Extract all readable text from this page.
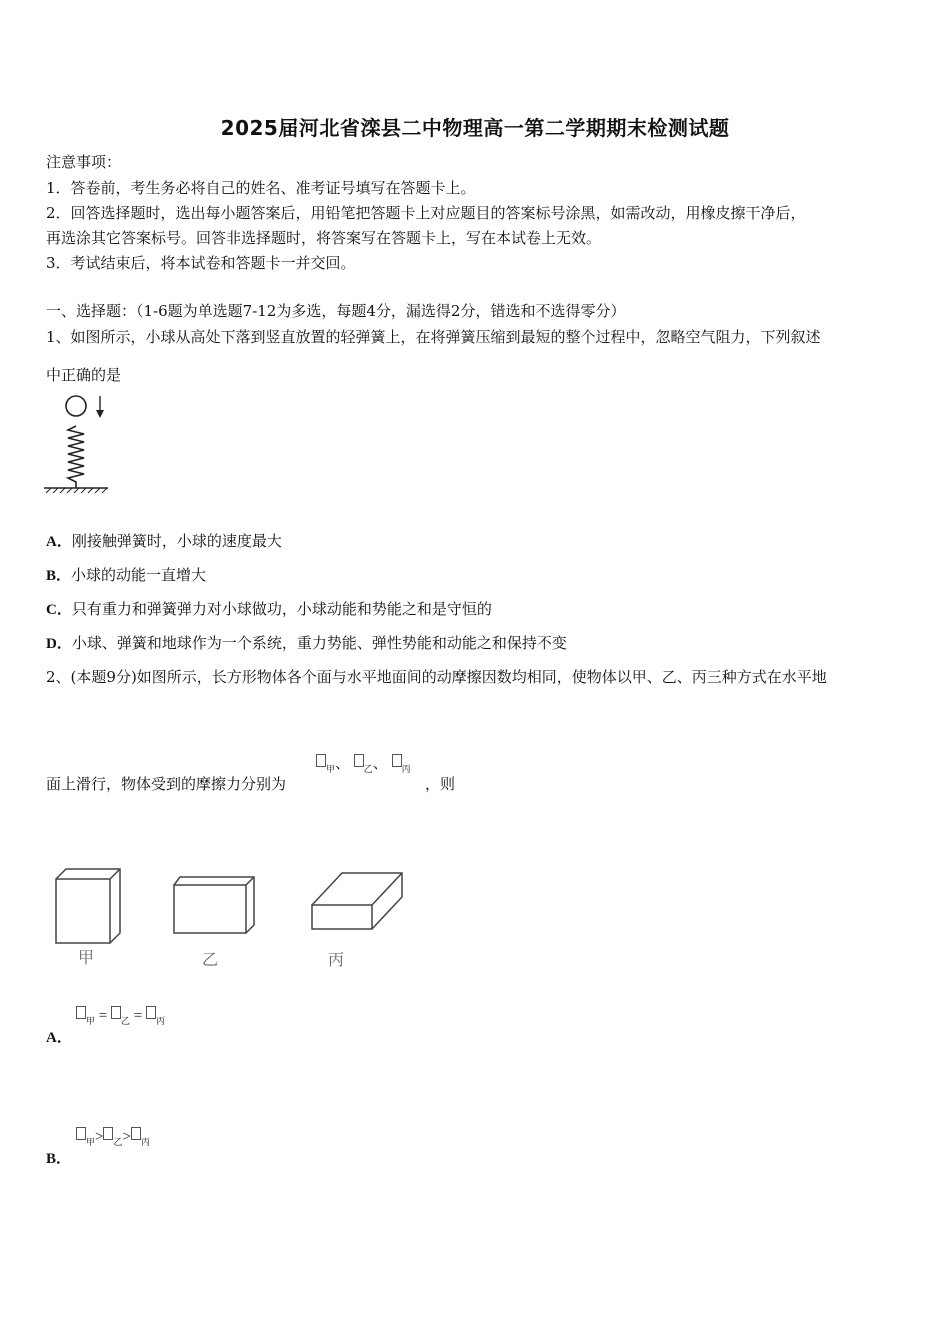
2025届河北省滦县二中物理高一第二学期期末检测试题
注意事项：
1．答卷前，考生务必将自己的姓名、准考证号填写在答题卡上。
2．回答选择题时，选出每小题答案后，用铅笔把答题卡上对应题目的答案标号涂黑，如需改动，用橡皮擦干净后，
再选涂其它答案标号。回答非选择题时，将答案写在答题卡上，写在本试卷上无效。
3．考试结束后，将本试卷和答题卡一并交回。
一、选择题：（1-6题为单选题7-12为多选，每题4分，漏选得2分，错选和不选得零分）
1、如图所示，小球从高处下落到竖直放置的轻弹簧上，在将弹簧压缩到最短的整个过程中，忽略空气阻力，下列叙述
中正确的是
A．刚接触弹簧时，小球的速度最大
B．小球的动能一直增大
C．只有重力和弹簧弹力对小球做功，小球动能和势能之和是守恒的
D．小球、弹簧和地球作为一个系统，重力势能、弹性势能和动能之和保持不变
2、(本题9分)如图所示，长方形物体各个面与水平地面间的动摩擦因数均相同，使物体以甲、乙、丙三种方式在水平地
$_甲$、 $_乙$、 $_丙$
面上滑行，物体受到的摩擦力分别为	，则
甲	乙	丙
$_甲$ = $_乙$ = $_丙$
A．
$_甲$> $_乙$> $_丙$
B．
